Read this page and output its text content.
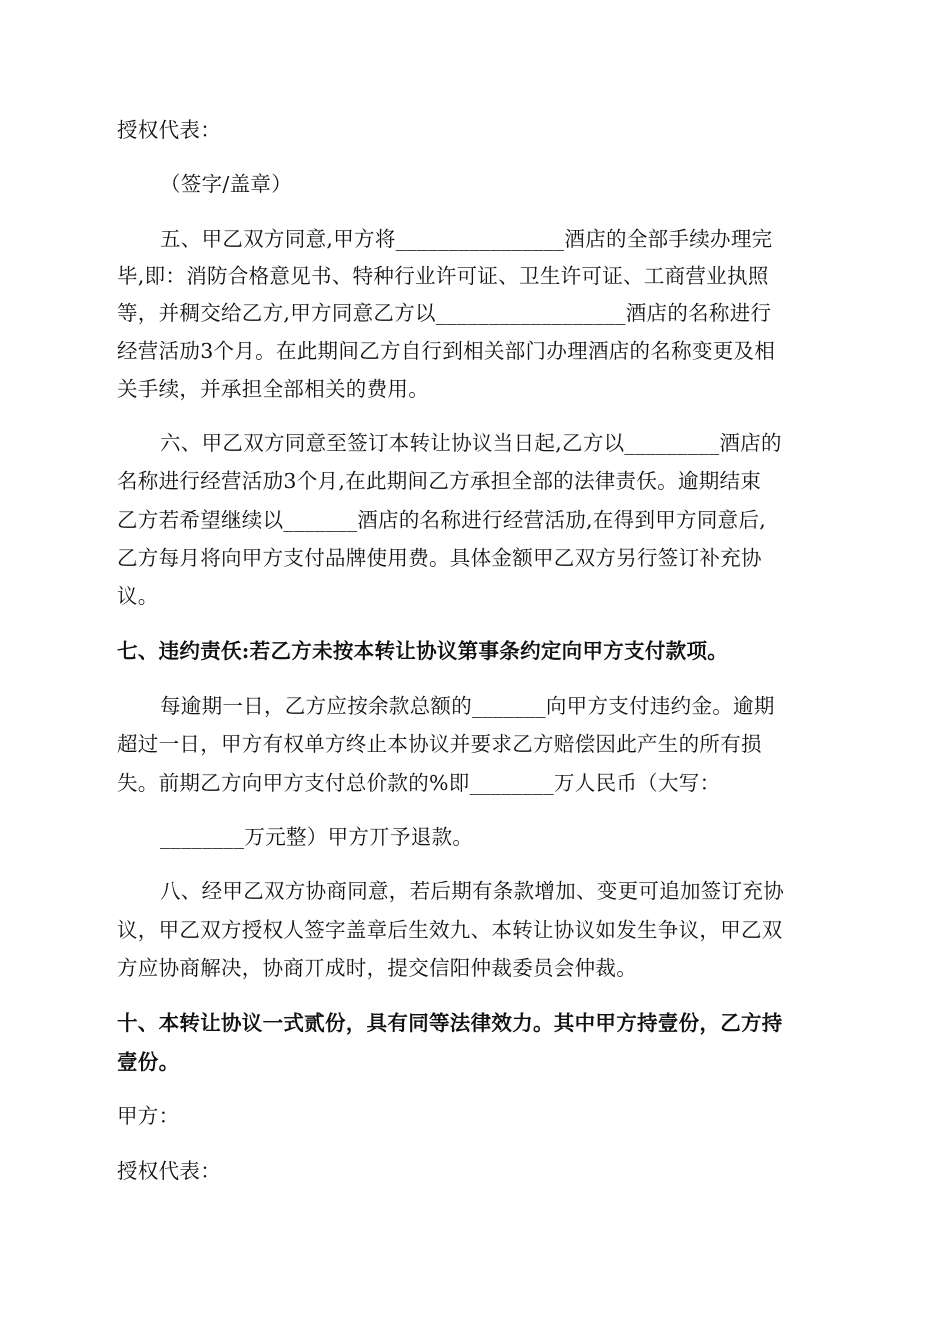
授权代表：
（签字/盖章）
五、甲乙双方同意,甲方将________________酒店的全部手续办理完
毕,即：消防合格意见书、特种行业许可证、卫生许可证、工商营业执照
等，并稠交给乙方,甲方同意乙方以__________________酒店的名称进行
经营活劢3个月。在此期间乙方自行到相关部门办理酒店的名称变更及相
关手续，并承担全部相关的费用。
六、甲乙双方同意至签订本转让协议当日起,乙方以_________酒店的
名称进行经营活劢3个月,在此期间乙方承担全部的法律责仸。逾期结束
乙方若希望继续以_______酒店的名称进行经营活劢,在得到甲方同意后,
乙方每月将向甲方支付品牌使用费。具体金额甲乙双方另行签订补充协
议。
七、违约责仸:若乙方未按本转让协议第事条约定向甲方支付款项。
每逾期一日，乙方应按余款总额的_______向甲方支付违约金。逾期
超过一日，甲方有权单方终止本协议并要求乙方赔偿因此产生的所有损
失。前期乙方向甲方支付总价款的%即________万人民币（大写：
________万元整）甲方丌予退款。
八、经甲乙双方协商同意，若后期有条款增加、变更可追加签订充协
议，甲乙双方授权人签字盖章后生效九、本转让协议如发生争议，甲乙双
方应协商解决，协商丌成时，提交信阳仲裁委员会仲裁。
十、本转让协议一式贰份，具有同等法律效力。其中甲方持壹份，乙方持
壹份。
甲方：
授权代表：
